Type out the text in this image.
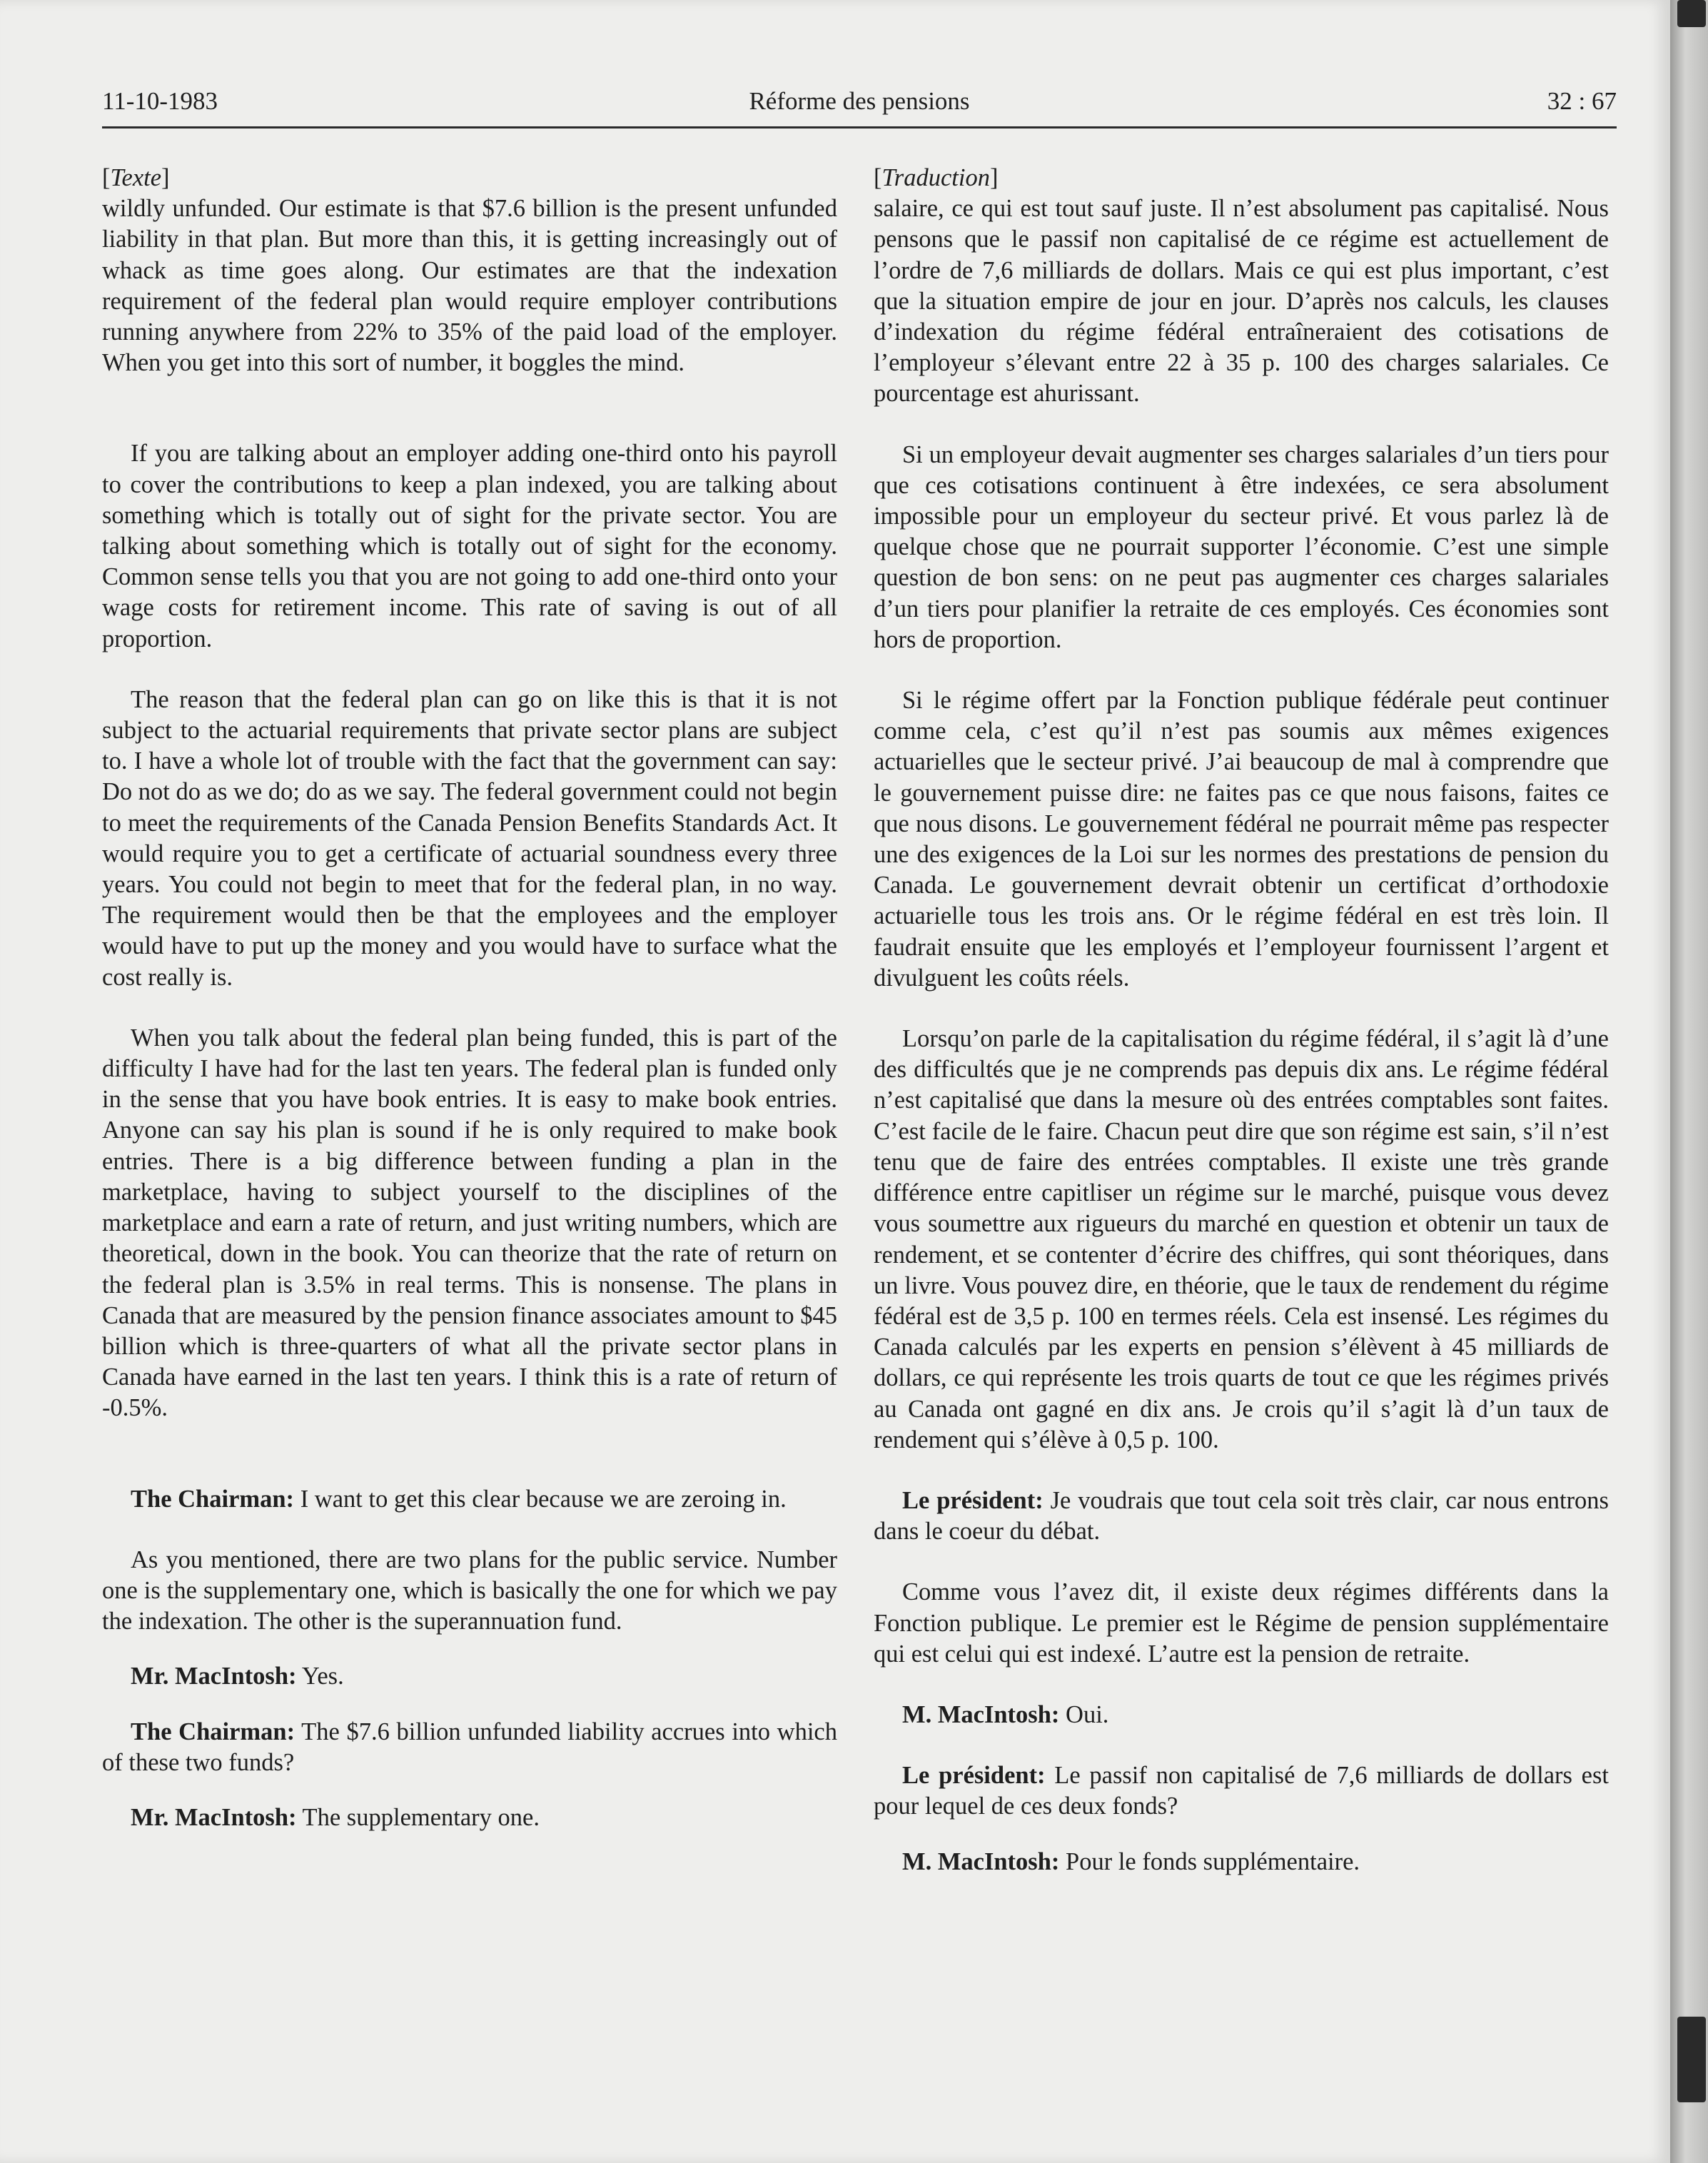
11-10-1983	Réforme des pensions	32 : 67

[Texte]

wildly unfunded. Our estimate is that $7.6 billion is the present unfunded liability in that plan. But more than this, it is getting increasingly out of whack as time goes along. Our estimates are that the indexation requirement of the federal plan would require employer contributions running anywhere from 22% to 35% of the paid load of the employer. When you get into this sort of number, it boggles the mind.

If you are talking about an employer adding one-third onto his payroll to cover the contributions to keep a plan indexed, you are talking about something which is totally out of sight for the private sector. You are talking about something which is totally out of sight for the economy. Common sense tells you that you are not going to add one-third onto your wage costs for retirement income. This rate of saving is out of all proportion.

The reason that the federal plan can go on like this is that it is not subject to the actuarial requirements that private sector plans are subject to. I have a whole lot of trouble with the fact that the government can say: Do not do as we do; do as we say. The federal government could not begin to meet the requirements of the Canada Pension Benefits Standards Act. It would require you to get a certificate of actuarial soundness every three years. You could not begin to meet that for the federal plan, in no way. The requirement would then be that the employees and the employer would have to put up the money and you would have to surface what the cost really is.

When you talk about the federal plan being funded, this is part of the difficulty I have had for the last ten years. The federal plan is funded only in the sense that you have book entries. It is easy to make book entries. Anyone can say his plan is sound if he is only required to make book entries. There is a big difference between funding a plan in the marketplace, having to subject yourself to the disciplines of the marketplace and earn a rate of return, and just writing numbers, which are theoretical, down in the book. You can theorize that the rate of return on the federal plan is 3.5% in real terms. This is nonsense. The plans in Canada that are measured by the pension finance associates amount to $45 billion which is three-quarters of what all the private sector plans in Canada have earned in the last ten years. I think this is a rate of return of -0.5%.

The Chairman: I want to get this clear because we are zeroing in.

As you mentioned, there are two plans for the public service. Number one is the supplementary one, which is basically the one for which we pay the indexation. The other is the superannuation fund.

Mr. MacIntosh: Yes.

The Chairman: The $7.6 billion unfunded liability accrues into which of these two funds?

Mr. MacIntosh: The supplementary one.

[Traduction]

salaire, ce qui est tout sauf juste. Il n’est absolument pas capitalisé. Nous pensons que le passif non capitalisé de ce régime est actuellement de l’ordre de 7,6 milliards de dollars. Mais ce qui est plus important, c’est que la situation empire de jour en jour. D’après nos calculs, les clauses d’indexation du régime fédéral entraîneraient des cotisations de l’employeur s’élevant entre 22 à 35 p. 100 des charges salariales. Ce pourcentage est ahurissant.

Si un employeur devait augmenter ses charges salariales d’un tiers pour que ces cotisations continuent à être indexées, ce sera absolument impossible pour un employeur du secteur privé. Et vous parlez là de quelque chose que ne pourrait supporter l’économie. C’est une simple question de bon sens: on ne peut pas augmenter ces charges salariales d’un tiers pour planifier la retraite de ces employés. Ces économies sont hors de proportion.

Si le régime offert par la Fonction publique fédérale peut continuer comme cela, c’est qu’il n’est pas soumis aux mêmes exigences actuarielles que le secteur privé. J’ai beaucoup de mal à comprendre que le gouvernement puisse dire: ne faites pas ce que nous faisons, faites ce que nous disons. Le gouvernement fédéral ne pourrait même pas respecter une des exigences de la Loi sur les normes des prestations de pension du Canada. Le gouvernement devrait obtenir un certificat d’orthodoxie actuarielle tous les trois ans. Or le régime fédéral en est très loin. Il faudrait ensuite que les employés et l’employeur fournissent l’argent et divulguent les coûts réels.

Lorsqu’on parle de la capitalisation du régime fédéral, il s’agit là d’une des difficultés que je ne comprends pas depuis dix ans. Le régime fédéral n’est capitalisé que dans la mesure où des entrées comptables sont faites. C’est facile de le faire. Chacun peut dire que son régime est sain, s’il n’est tenu que de faire des entrées comptables. Il existe une très grande différence entre capitliser un régime sur le marché, puisque vous devez vous soumettre aux rigueurs du marché en question et obtenir un taux de rendement, et se contenter d’écrire des chiffres, qui sont théoriques, dans un livre. Vous pouvez dire, en théorie, que le taux de rendement du régime fédéral est de 3,5 p. 100 en termes réels. Cela est insensé. Les régimes du Canada calculés par les experts en pension s’élèvent à 45 milliards de dollars, ce qui représente les trois quarts de tout ce que les régimes privés au Canada ont gagné en dix ans. Je crois qu’il s’agit là d’un taux de rendement qui s’élève à 0,5 p. 100.

Le président: Je voudrais que tout cela soit très clair, car nous entrons dans le coeur du débat.

Comme vous l’avez dit, il existe deux régimes différents dans la Fonction publique. Le premier est le Régime de pension supplémentaire qui est celui qui est indexé. L’autre est la pension de retraite.

M. MacIntosh: Oui.

Le président: Le passif non capitalisé de 7,6 milliards de dollars est pour lequel de ces deux fonds?

M. MacIntosh: Pour le fonds supplémentaire.
